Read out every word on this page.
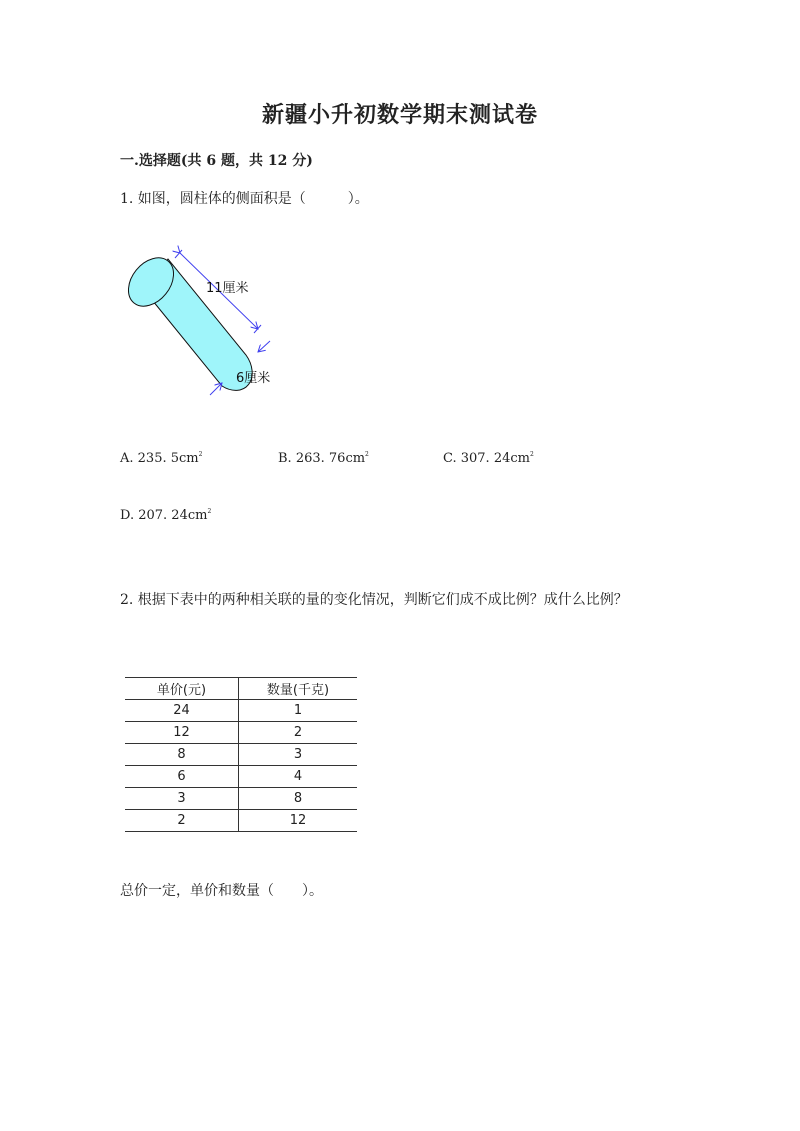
新疆小升初数学期末测试卷
一.选择题(共 6 题，共 12 分)
1. 如图，圆柱体的侧面积是（　　　）。
11厘米
6厘米
A. 235. $5cm^2$	B. 263. $76cm^2$	C. 307. $24cm^2$
D. 207. $24cm^2$
2. 根据下表中的两种相关联的量的变化情况，判断它们成不成比例？成什么比例？
单价(元)	数量(千克)
24	1
12	2
8	3
6	4
3	8
2	12
总价一定，单价和数量（　　）。
